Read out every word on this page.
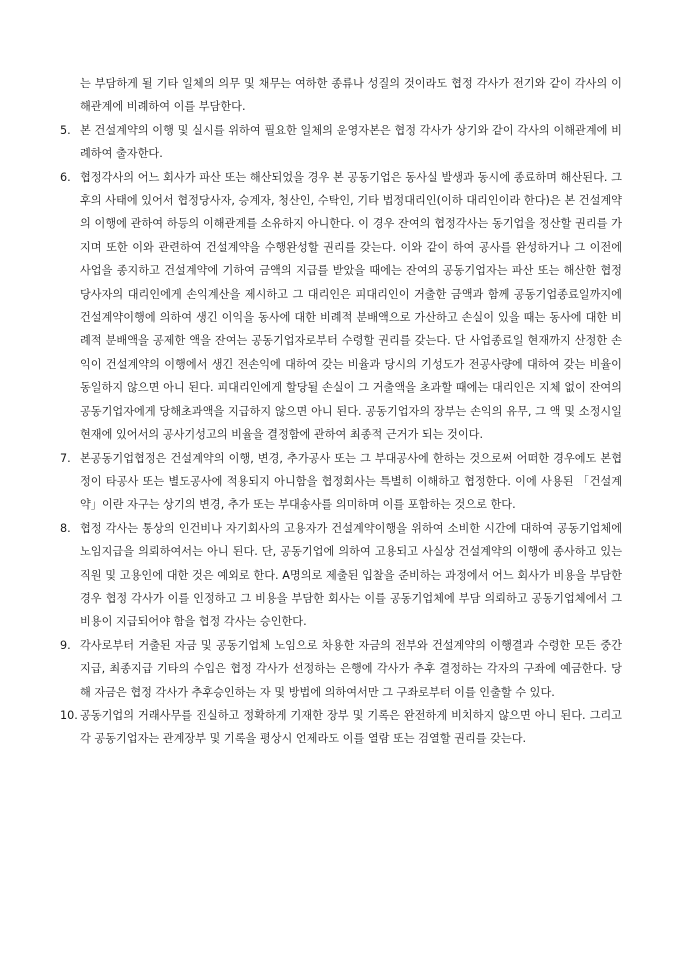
는 부담하게 될 기타 일체의 의무 및 채무는 여하한 종류나 성질의 것이라도 협정 각사가 전기와 같이 각사의 이해관계에 비례하여 이를 부담한다.

5. 본 건설계약의 이행 및 실시를 위하여 필요한 일체의 운영자본은 협정 각사가 상기와 같이 각사의 이해관계에 비례하여 출자한다.

6. 협정각사의 어느 회사가 파산 또는 해산되었을 경우 본 공동기업은 동사실 발생과 동시에 종료하며 해산된다. 그 후의 사태에 있어서 협정당사자, 승계자, 청산인, 수탁인, 기타 법정대리인(이하 대리인이라 한다)은 본 건설계약의 이행에 관하여 하등의 이해관계를 소유하지 아니한다. 이 경우 잔여의 협정각사는 동기업을 정산할 권리를 가지며 또한 이와 관련하여 건설계약을 수행완성할 권리를 갖는다. 이와 같이 하여 공사를 완성하거나 그 이전에 사업을 종지하고 건설계약에 기하여 금액의 지급를 받았을 때에는 잔여의 공동기업자는 파산 또는 해산한 협정당사자의 대리인에게 손익계산을 제시하고 그 대리인은 피대리인이 거출한 금액과 함께 공동기업종료일까지에 건설계약이행에 의하여 생긴 이익을 동사에 대한 비례적 분배액으로 가산하고 손실이 있을 때는 동사에 대한 비례적 분배액을 공제한 액을 잔여는 공동기업자로부터 수령할 권리를 갖는다. 단 사업종료일 현재까지 산정한 손익이 건설계약의 이행에서 생긴 전손익에 대하여 갖는 비율과 당시의 기성도가 전공사량에 대하여 갖는 비율이 동일하지 않으면 아니 된다. 피대리인에게 할당될 손실이 그 거출액을 초과할 때에는 대리인은 지체 없이 잔여의 공동기업자에게 당해초과액을 지급하지 않으면 아니 된다. 공동기업자의 장부는 손익의 유무, 그 액 및 소정시일 현재에 있어서의 공사기성고의 비율을 결정함에 관하여 최종적 근거가 되는 것이다.

7. 본공동기업협정은 건설계약의 이행, 변경, 추가공사 또는 그 부대공사에 한하는 것으로써 어떠한 경우에도 본협정이 타공사 또는 별도공사에 적용되지 아니함을 협정회사는 특별히 이해하고 협정한다. 이에 사용된 「건설계약」이란 자구는 상기의 변경, 추가 또는 부대송사를 의미하며 이를 포함하는 것으로 한다.

8. 협정 각사는 통상의 인건비나 자기회사의 고용자가 건설계약이행을 위하여 소비한 시간에 대하여 공동기업체에 노임지급을 의뢰하여서는 아니 된다. 단, 공동기업에 의하여 고용되고 사실상 건설계약의 이행에 종사하고 있는 직원 및 고용인에 대한 것은 예외로 한다. A명의로 제출된 입찰을 준비하는 과정에서 어느 회사가 비용을 부담한 경우 협정 각사가 이를 인정하고 그 비용을 부담한 회사는 이를 공동기업체에 부담 의뢰하고 공동기업체에서 그 비용이 지급되어야 함을 협정 각사는 승인한다.

9. 각사로부터 거출된 자금 및 공동기업체 노임으로 차용한 자금의 전부와 건설계약의 이행결과 수령한 모든 중간지급, 최종지급 기타의 수입은 협정 각사가 선정하는 은행에 각사가 추후 결정하는 각자의 구좌에 예금한다. 당해 자금은 협정 각사가 추후승인하는 자 및 방법에 의하여서만 그 구좌로부터 이를 인출할 수 있다.

10. 공동기업의 거래사무를 진실하고 정확하게 기재한 장부 및 기록은 완전하게 비치하지 않으면 아니 된다. 그리고 각 공동기업자는 관계장부 및 기록을 평상시 언제라도 이를 열람 또는 검열할 권리를 갖는다.
